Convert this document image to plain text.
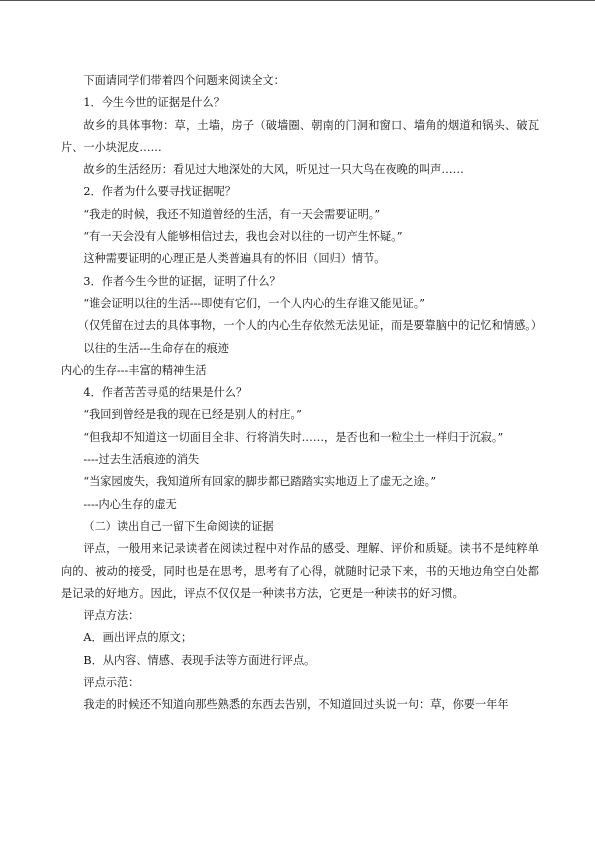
下面请同学们带着四个问题来阅读全文：

1．今生今世的证据是什么？

故乡的具体事物：草，土墙，房子（破墙圈、朝南的门洞和窗口、墙角的烟道和锅头、破瓦片、一小块泥皮……

故乡的生活经历：看见过大地深处的大风，听见过一只大鸟在夜晚的叫声……

2．作者为什么要寻找证据呢？

“我走的时候，我还不知道曾经的生活，有一天会需要证明。”

“有一天会没有人能够相信过去，我也会对以往的一切产生怀疑。”

这种需要证明的心理正是人类普遍具有的怀旧（回归）情节。

3．作者今生今世的证据，证明了什么？

“谁会证明以往的生活---即使有它们，一个人内心的生存谁又能见证。”

（仅凭留在过去的具体事物，一个人的内心生存依然无法见证，而是要靠脑中的记忆和情感。）

以往的生活---生命存在的痕迹

内心的生存---丰富的精神生活

4．作者苦苦寻觅的结果是什么？

“我回到曾经是我的现在已经是别人的村庄。”

“但我却不知道这一切面目全非、行将消失时……，是否也和一粒尘土一样归于沉寂。”

----过去生活痕迹的消失

“当家园废失，我知道所有回家的脚步都已踏踏实实地迈上了虚无之途。”

----内心生存的虚无

（二）读出自己一留下生命阅读的证据

评点，一般用来记录读者在阅读过程中对作品的感受、理解、评价和质疑。读书不是纯粹单向的、被动的接受，同时也是在思考，思考有了心得，就随时记录下来，书的天地边角空白处都是记录的好地方。因此，评点不仅仅是一种读书方法，它更是一种读书的好习惯。

评点方法：

A．画出评点的原文；

B．从内容、情感、表现手法等方面进行评点。

评点示范：

我走的时候还不知道向那些熟悉的东西去告别，不知道回过头说一句：草，你要一年年
